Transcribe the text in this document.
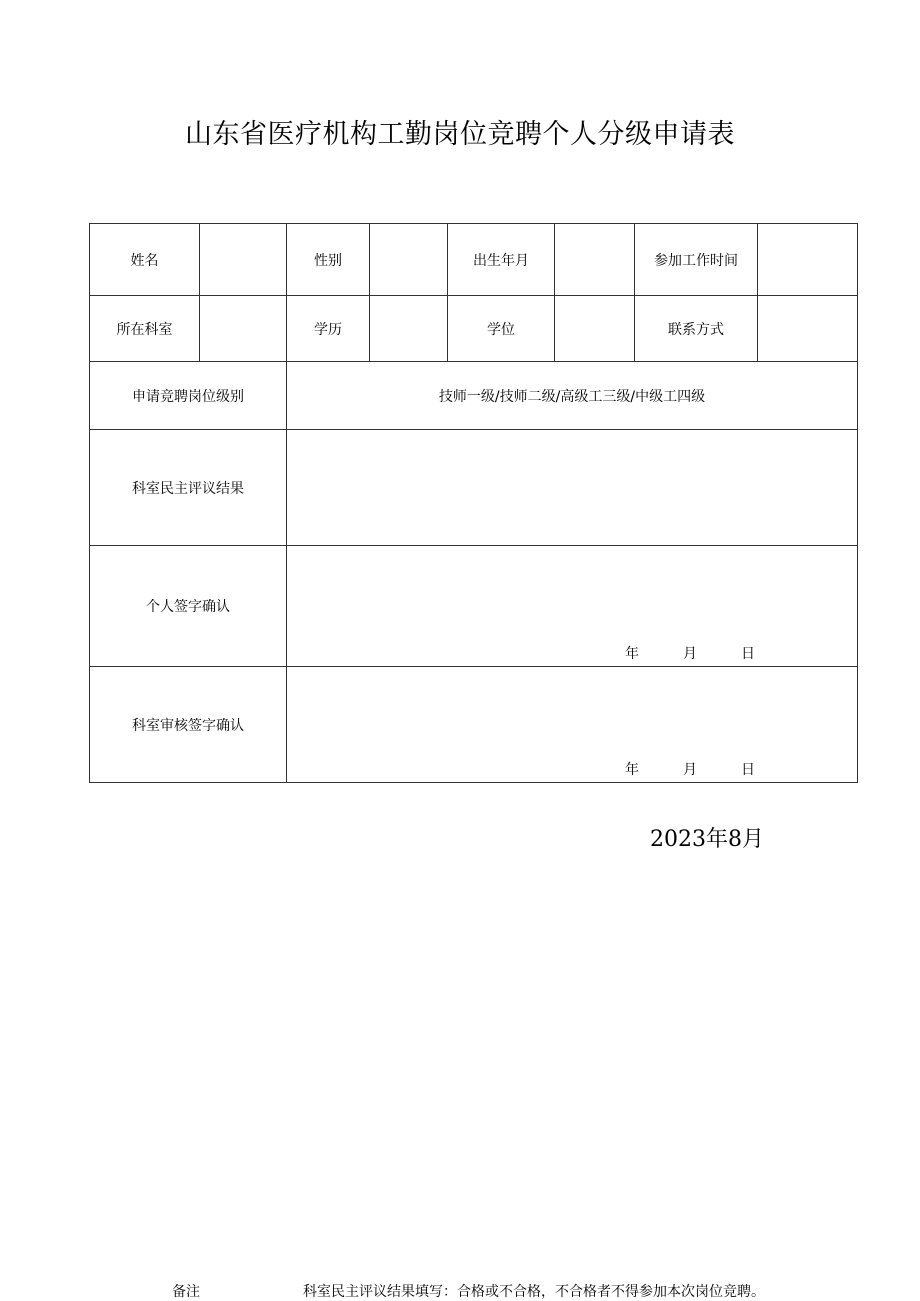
山东省医疗机构工勤岗位竞聘个人分级申请表
姓名		性别		出生年月		参加工作时间	
所在科室		学历		学位		联系方式	
申请竞聘岗位级别		技师一级/技师二级/高级工三级/中级工四级					
科室民主评议结果							
个人签字确认		年 月 日					

科室审核签字确认		年 月 日					
2023年8月
备注	科室民主评议结果填写：合格或不合格，不合格者不得参加本次岗位竞聘。
